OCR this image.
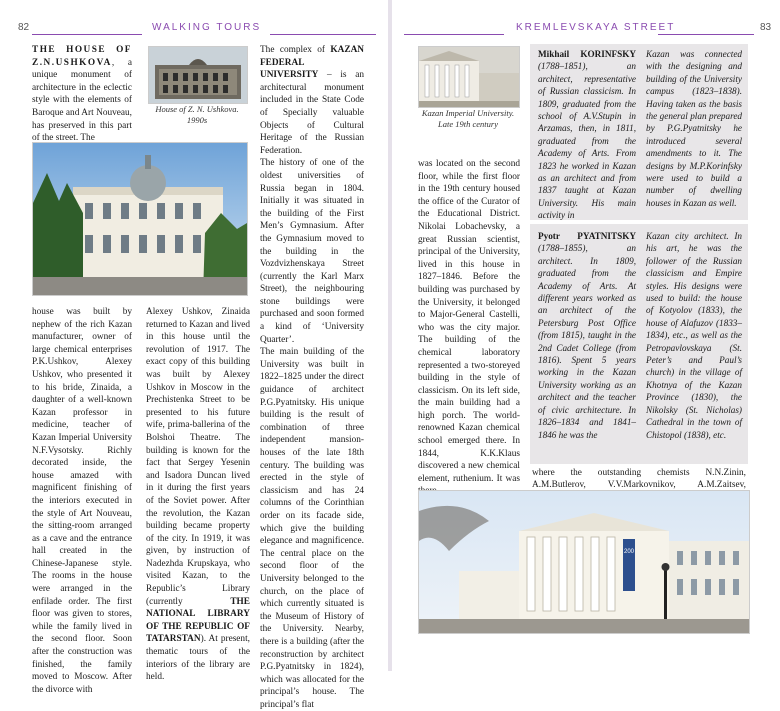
82	WALKING TOURS

THE HOUSE OF Z.N.USHKOVA, a unique monument of architecture in the eclectic style with the elements of Baroque and Art Nouveau, has preserved in this part of the street. The

House of Z. N. Ushkova. 1990s

The complex of KAZAN FEDERAL UNIVERSITY – is an architectural monument included in the State Code of Specially valuable Objects of Cultural Heritage of the Russian Federation.

The history of one of the oldest universities of Russia began in 1804. Initially it was situated in the building of the First Men’s Gymnasium. After the Gymnasium moved to the building in the Vozdvizhenskaya Street (currently the Karl Marx Street), the neighbouring stone buildings were purchased and soon formed a kind of ‘University Quarter’.

The main building of the University was built in 1822–1825 under the direct guidance of architect P.G.Pyatnitsky. His unique building is the result of combination of three independent mansion-houses of the late 18th century. The building was erected in the style of classicism and has 24 columns of the Corinthian order on its facade side, which give the building elegance and magnificence. The central place on the second floor of the University belonged to the church, on the place of which currently situated is the Museum of History of the University. Nearby, there is a building (after the reconstruction by architect P.G.Pyatnitsky in 1824), which was allocated for the principal’s house. The principal’s flat

house was built by nephew of the rich Kazan manufacturer, owner of large chemical enterprises P.K.Ushkov, Alexey Ushkov, who presented it to his bride, Zinaida, a daughter of a well-known Kazan professor in medicine, teacher of Kazan Imperial University N.F.Vysotsky. Richly decorated inside, the house amazed with magnificent finishing of the interiors executed in the style of Art Nouveau, the sitting-room arranged as a cave and the entrance hall created in the Chinese-Japanese style. The rooms in the house were arranged in the enfilade order. The first floor was given to stores, while the family lived in the second floor. Soon after the construction was finished, the family moved to Moscow. After the divorce with

Alexey Ushkov, Zinaida returned to Kazan and lived in this house until the revolution of 1917. The exact copy of this building was built by Alexey Ushkov in Moscow in the Prechistenka Street to be presented to his future wife, prima-ballerina of the Bolshoi Theatre. The building is known for the fact that Sergey Yesenin and Isadora Duncan lived in it during the first years of the Soviet power. After the revolution, the Kazan building became property of the city. In 1919, it was given, by instruction of Nadezhda Krupskaya, who visited Kazan, to the Republic’s Library (currently THE NATIONAL LIBRARY OF THE REPUBLIC OF TATARSTAN). At present, thematic tours of the interiors of the library are held.

KREMLEVSKAYA STREET	83
Kazan Imperial University. Late 19th century
was located on the second floor, while the first floor in the 19th century housed the office of the Curator of the Educational District. Nikolai Lobachevsky, a great Russian scientist, principal of the University, lived in this house in 1827–1846. Before the building was purchased by the University, it belonged to Major-General Castelli, who was the city major. The building of the chemical laboratory represented a two-storeyed building in the style of classicism. On its left side, the main building had a high porch. The world-renowned Kazan chemical school emerged there. In 1844, K.K.Klaus discovered a new chemical element, ruthenium. It was
Mikhail KORINFSKY (1788–1851), an architect, representative of Russian classicism. In 1809, graduated from the school of A.V.Stupin in Arzamas, then, in 1811, graduated from the Academy of Arts. From 1823 he worked in Kazan as an architect and from 1837 taught at Kazan University. His main activity in
Kazan was connected with the designing and building of the University campus (1823–1838). Having taken as the basis the general plan prepared by P.G.Pyatnitsky he introduced several amendments to it. The designs by M.P.Korinfsky were used to build a number of dwelling houses in Kazan as well.
Pyotr PYATNITSKY (1788–1855), an architect. In 1809, graduated from the Academy of Arts. At different years worked as an architect of the Petersburg Post Office (from 1815), taught in the 2nd Cadet College (from 1816). Spent 5 years working in the Kazan University working as an architect and the teacher of civic architecture. In 1826–1834 and 1841–1846 he was the
Kazan city architect. In his art, he was the follower of the Russian classicism and Empire styles. His designs were used to build: the house of Kotyolov (1833), the house of Alafuzov (1833–1834), etc., as well as the Petropavlovskaya (St. Peter’s and Paul’s church) in the village of Khotnya of the Kazan Province (1830), the Nikolsky (St. Nicholas) Cathedral in the town of Chistopol (1838), etc.
where the outstanding chemists N.N.Zinin, A.M.Butlerov, V.V.Markovnikov, A.M.Zaitsev,
200
